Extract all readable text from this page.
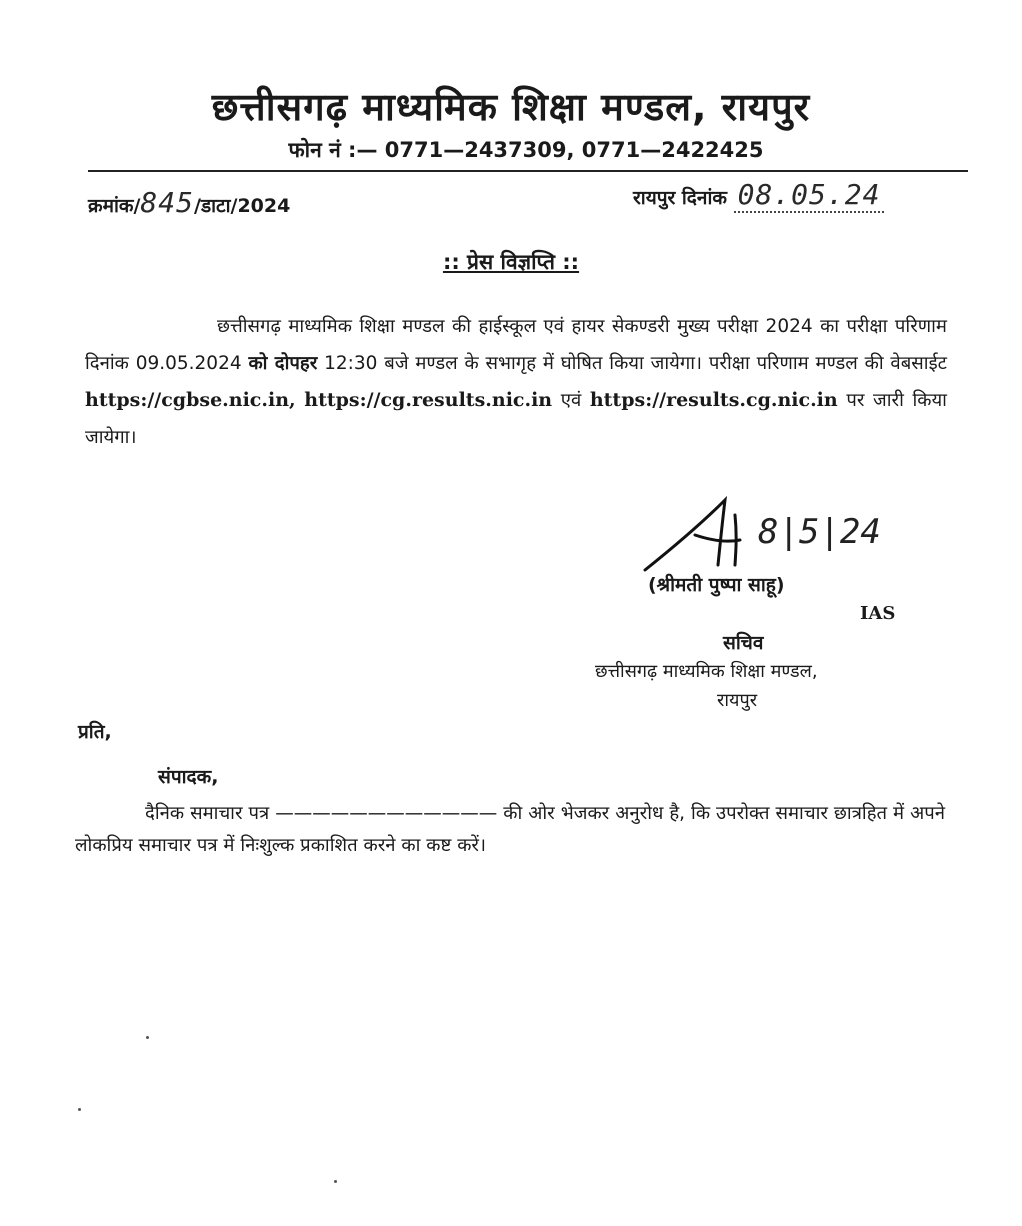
छत्तीसगढ़ माध्यमिक शिक्षा मण्डल, रायपुर
फोन नं :— 0771—2437309, 0771—2422425
क्रमांक/845/डाटा/2024	रायपुर दिनांक 08.05.24
:: प्रेस विज्ञप्ति ::
छत्तीसगढ़ माध्यमिक शिक्षा मण्डल की हाईस्कूल एवं हायर सेकण्डरी मुख्य परीक्षा 2024 का परीक्षा परिणाम दिनांक 09.05.2024 को दोपहर 12:30 बजे मण्डल के सभागृह में घोषित किया जायेगा। परीक्षा परिणाम मण्डल की वेबसाईट https://cgbse.nic.in, https://cg.results.nic.in एवं https://results.cg.nic.in पर जारी किया जायेगा।
8|5|24
(श्रीमती पुष्पा साहू)
IAS
सचिव
छत्तीसगढ़ माध्यमिक शिक्षा मण्डल,
रायपुर
प्रति,
संपादक,
दैनिक समाचार पत्र ———————————— की ओर भेजकर अनुरोध है, कि उपरोक्त समाचार छात्रहित में अपने लोकप्रिय समाचार पत्र में निःशुल्क प्रकाशित करने का कष्ट करें।
